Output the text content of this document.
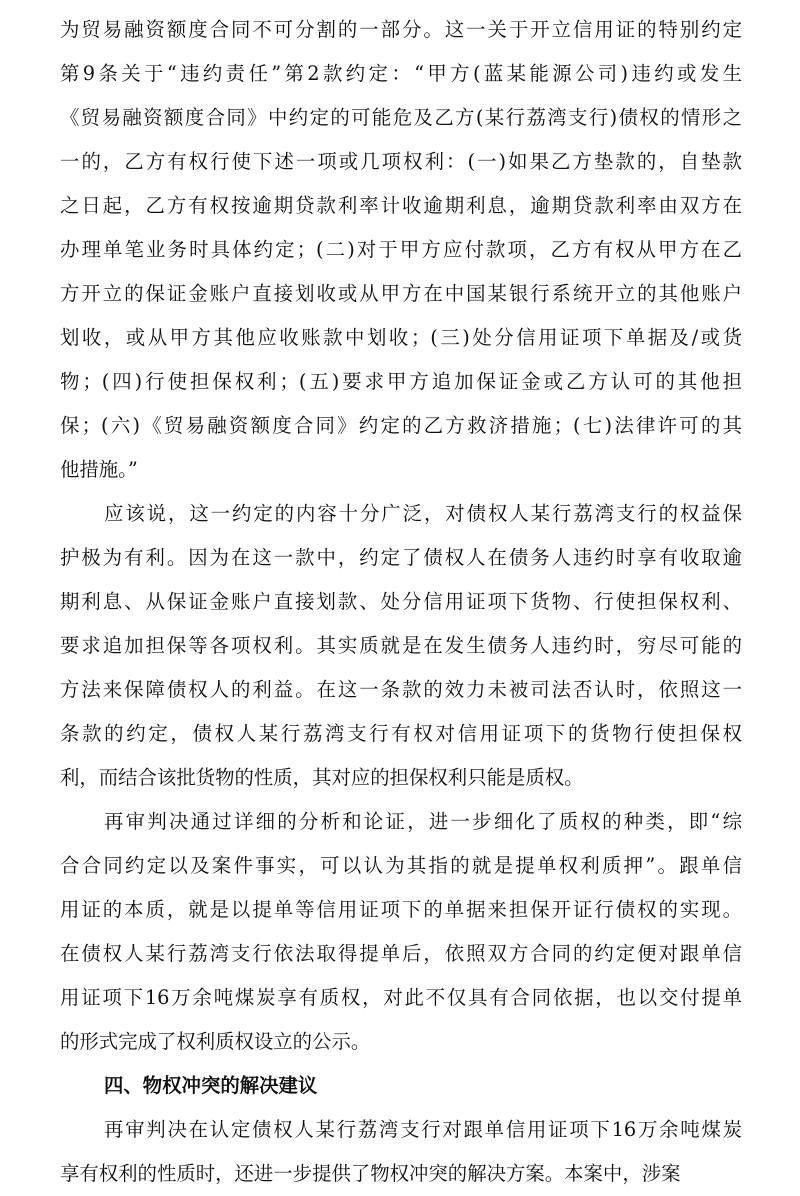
为贸易融资额度合同不可分割的一部分。这一关于开立信用证的特别约定
第9条关于“违约责任”第2款约定：“甲方(蓝某能源公司)违约或发生
《贸易融资额度合同》中约定的可能危及乙方(某行荔湾支行)债权的情形之
一的，乙方有权行使下述一项或几项权利：(一)如果乙方垫款的，自垫款
之日起，乙方有权按逾期贷款利率计收逾期利息，逾期贷款利率由双方在
办理单笔业务时具体约定；(二)对于甲方应付款项，乙方有权从甲方在乙
方开立的保证金账户直接划收或从甲方在中国某银行系统开立的其他账户
划收，或从甲方其他应收账款中划收；(三)处分信用证项下单据及/或货
物；(四)行使担保权利；(五)要求甲方追加保证金或乙方认可的其他担
保；(六)《贸易融资额度合同》约定的乙方救济措施；(七)法律许可的其
他措施。”
应该说，这一约定的内容十分广泛，对债权人某行荔湾支行的权益保
护极为有利。因为在这一款中，约定了债权人在债务人违约时享有收取逾
期利息、从保证金账户直接划款、处分信用证项下货物、行使担保权利、
要求追加担保等各项权利。其实质就是在发生债务人违约时，穷尽可能的
方法来保障债权人的利益。在这一条款的效力未被司法否认时，依照这一
条款的约定，债权人某行荔湾支行有权对信用证项下的货物行使担保权
利，而结合该批货物的性质，其对应的担保权利只能是质权。
再审判决通过详细的分析和论证，进一步细化了质权的种类，即“综
合合同约定以及案件事实，可以认为其指的就是提单权利质押”。跟单信
用证的本质，就是以提单等信用证项下的单据来担保开证行债权的实现。
在债权人某行荔湾支行依法取得提单后，依照双方合同的约定便对跟单信
用证项下16万余吨煤炭享有质权，对此不仅具有合同依据，也以交付提单
的形式完成了权利质权设立的公示。
四、物权冲突的解决建议
再审判决在认定债权人某行荔湾支行对跟单信用证项下16万余吨煤炭
享有权利的性质时，还进一步提供了物权冲突的解决方案。本案中，涉案
